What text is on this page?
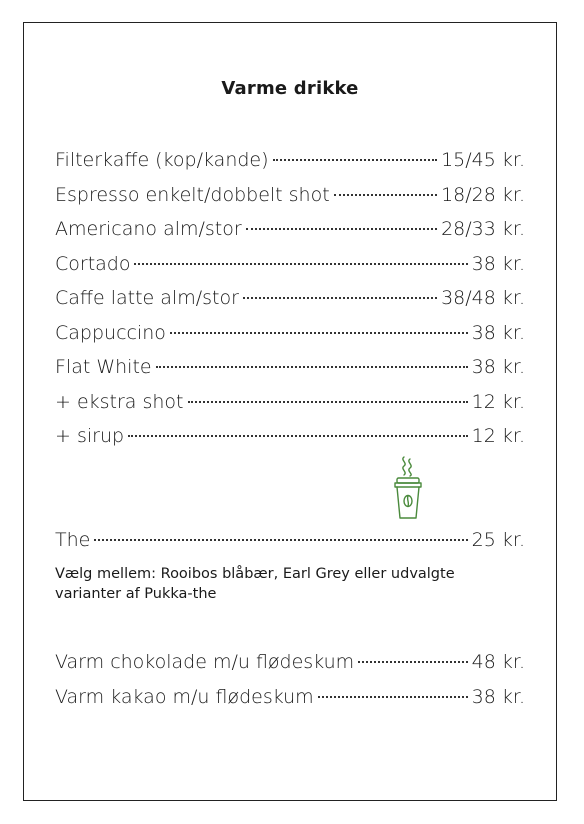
Varme drikke
Filterkaffe (kop/kande)	15/45 kr.
Espresso enkelt/dobbelt shot	18/28 kr.
Americano alm/stor	28/33 kr.
Cortado	38 kr.
Caffe latte alm/stor	38/48 kr.
Cappuccino	38 kr.
Flat White	38 kr.
+ ekstra shot	12 kr.
+ sirup	12 kr.
The	25 kr.
Vælg mellem: Rooibos blåbær, Earl Grey eller udvalgte varianter af Pukka-the
Varm chokolade m/u flødeskum	48 kr.
Varm kakao m/u flødeskum	38 kr.
